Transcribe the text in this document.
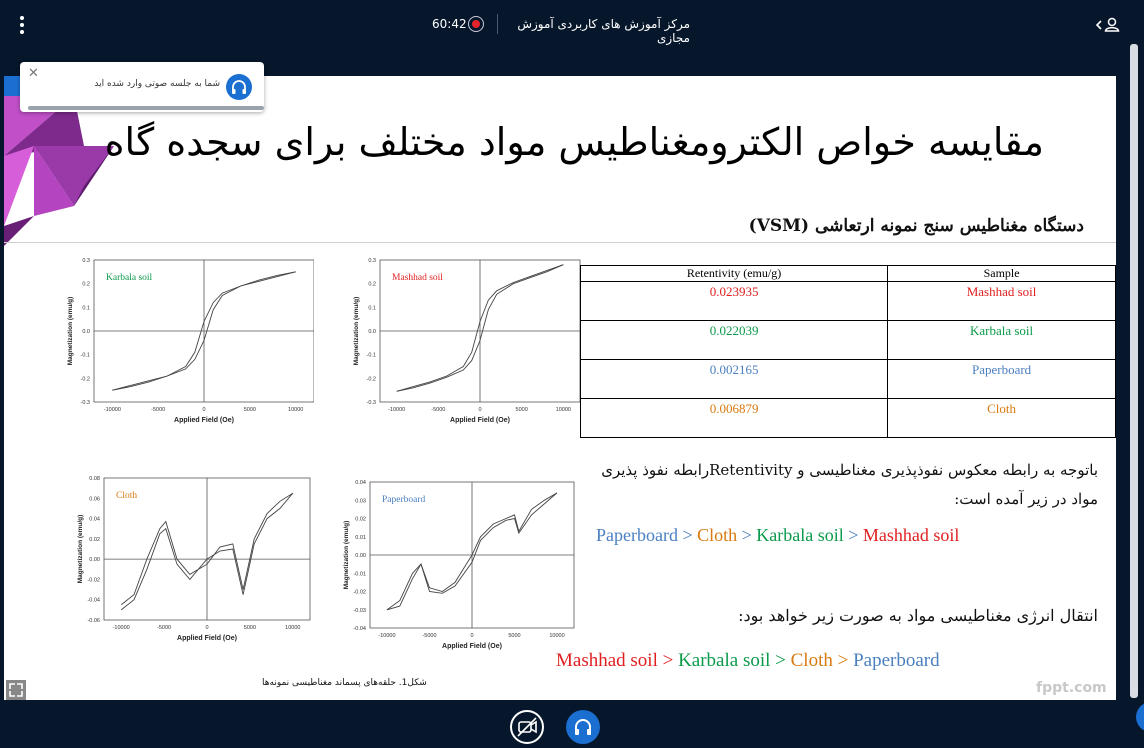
60:42	مرکز آموزش های کاربردی آموزش مجازی
مقایسه خواص الکترومغناطیس مواد مختلف برای سجده گاه
دستگاه مغناطیس سنج نمونه ارتعاشی (VSM)
-10000	-5000	0	5000	10000
0.3
0.2
0.1
0.0
-0.1
-0.2
-0.3
Applied Field (Oe)
Magnetization (emu/g)
Karbala soil
-10000	-5000	0	5000	10000
0.3
0.2
0.1
0.0
-0.1
-0.2
-0.3
Applied Field (Oe)
Magnetization (emu/g)
Mashhad soil
-10000	-5000	0	5000	10000
0.08
0.06
0.04
0.02
0.00
-0.02
-0.04
-0.06
Applied Field (Oe)
Magnetization (emu/g)
Cloth
-10000	-5000	0	5000	10000
0.04
0.03
0.02
0.01
0.00
-0.01
-0.02
-0.03
-0.04
Applied Field (Oe)
Magnetization (emu/g)
Paperboard
Retentivity (emu/g)	Sample
0.023935	Mashhad soil
0.022039	Karbala soil
0.002165	Paperboard
0.006879	Cloth
باتوجه به رابطه معکوس نفوذپذیری مغناطیسی و Retentivityرابطه نفوذ پذیری مواد در زیر آمده است:
Paperboard > Cloth > Karbala soil > Mashhad soil
انتقال انرژی مغناطیسی مواد به صورت زیر خواهد بود:
Mashhad soil > Karbala soil > Cloth > Paperboard
شکل1. حلقه‌های پسماند مغناطیسی نمونه‌ها	fppt.com
✕
شما به جلسه صوتی وارد شده اید
